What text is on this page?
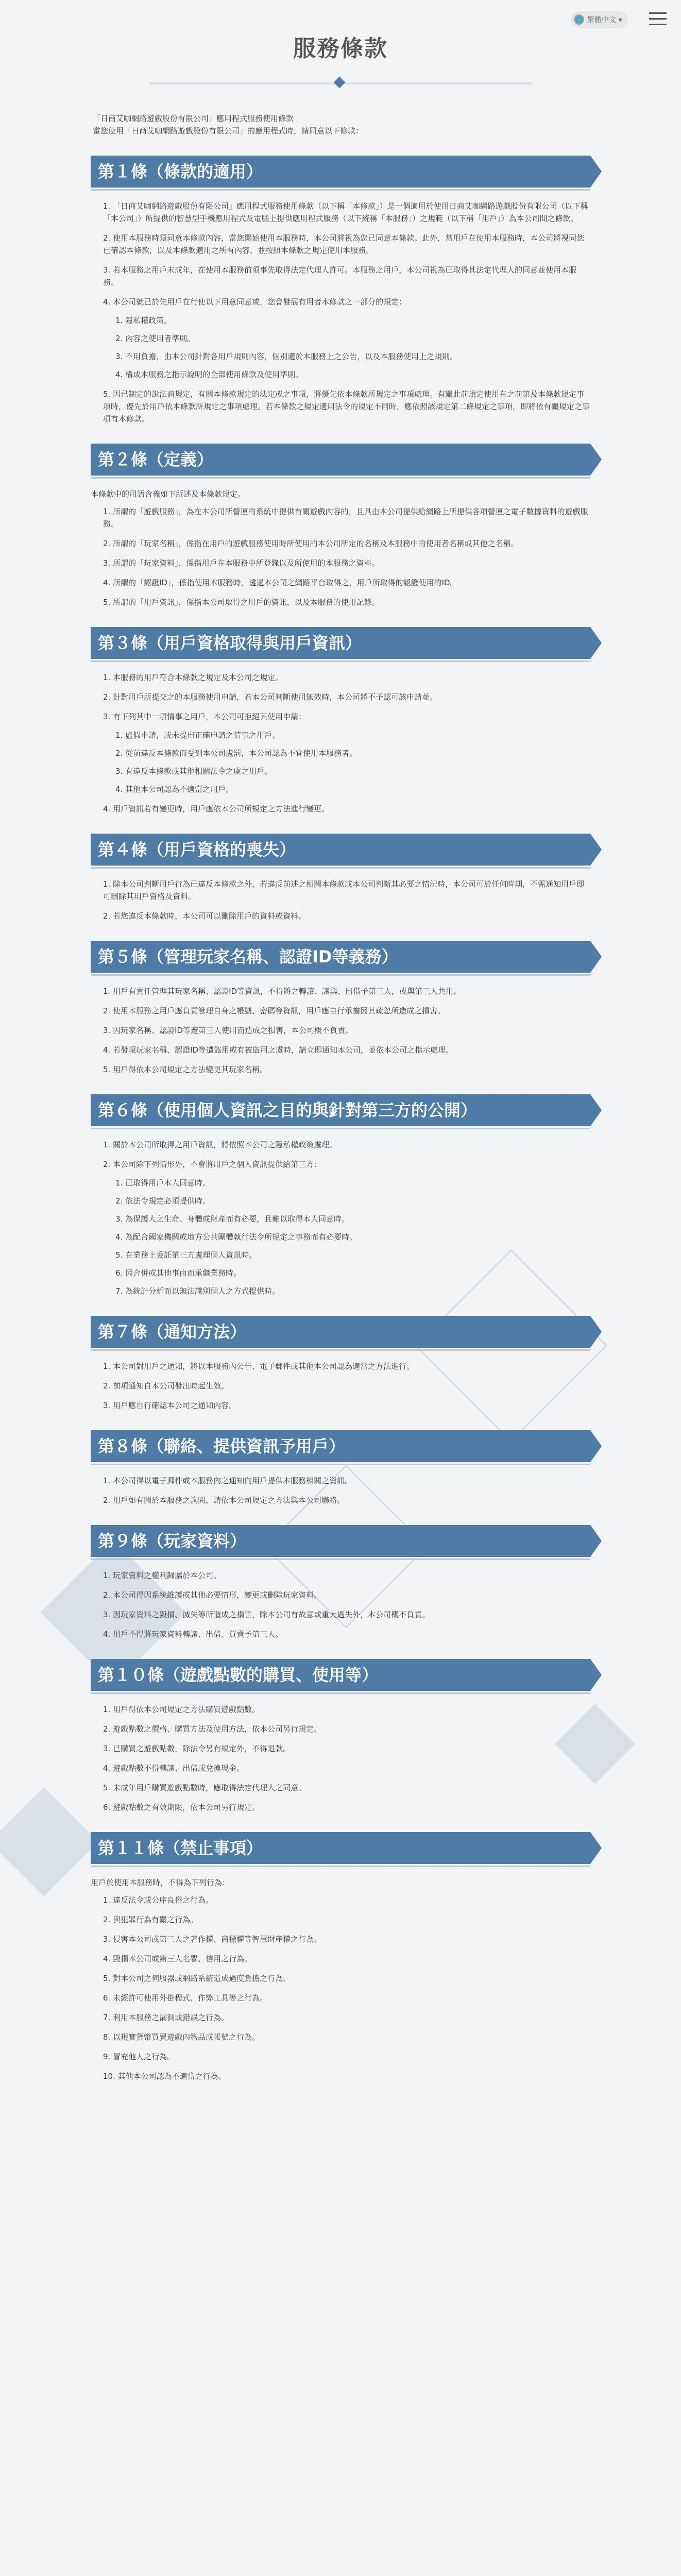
服務條款
🌐 繁體中文 ▾
「日商艾咖網路遊戲股份有限公司」應用程式服務使用條款
當您使用「日商艾咖網路遊戲股份有限公司」的應用程式時，請同意以下條款：
第１條（條款的適用）
1. 「日商艾咖網路遊戲股份有限公司」應用程式服務使用條款（以下稱「本條款」）是一個適用於使用日商艾咖網路遊戲股份有限公司（以下稱「本公司」）所提供的智慧型手機應用程式及電腦上提供應用程式服務（以下統稱「本服務」）之規範（以下稱「用戶」）為本公司間之條款。
2. 使用本服務時須同意本條款內容，當您開始使用本服務時，本公司將視為您已同意本條款。此外，當用戶在使用本服務時，本公司將視同您已確認本條款，以及本條款適用之所有內容，並按照本條款之規定使用本服務。
3. 若本服務之用戶未成年，在使用本服務前須事先取得法定代理人許可。本服務之用戶，本公司視為已取得其法定代理人的同意並使用本服務。
4. 本公司就已於先用戶在行使以下用意同意或，您會發展有用者本條款之一部分的規定：
1. 隱私權政策。
2. 內容之使用者準則。
3. 不用負擔，由本公司針對各用戶規則內容，個別適於本服務上之公告，以及本服務使用上之規則。
4. 構成本服務之指示說明的全部使用條款及使用準則。
5. 因已制定的說法商規定，有關本條款規定的法定或之事項，將優先依本條款所規定之事項處理。有關此前規定使用在之前第及本條款規定事項時，優先於用戶依本條款所規定之事項處理。若本條款之規定適用法令的規定不同時，應依照該規定第二條規定之事項，即將依有關規定之事項有本條款。
第２條（定義）
本條款中的用語含義如下所述及本條款規定。
1. 所謂的「遊戲服務」，為在本公司所營運的系統中提供有關遊戲內容的，且具由本公司提供給網路上所提供各項營運之電子數據資料的遊戲服務。
2. 所謂的「玩家名稱」，係指在用戶的遊戲服務使用時所使用的本公司所定的名稱及本服務中的使用者名稱或其他之名稱。
3. 所謂的「玩家資料」，係指用戶在本服務中所登錄以及所使用的本服務之資料。
4. 所謂的「認證ID」，係指使用本服務時，透過本公司之網路平台取得之，用戶所取得的認證使用的ID。
5. 所謂的「用戶資訊」，係指本公司取得之用戶的資訊，以及本服務的使用記錄。
第３條（用戶資格取得與用戶資訊）
1. 本服務的用戶符合本條款之規定及本公司之規定。
2. 針對用戶所提交之的本服務使用申請，若本公司判斷使用無效時，本公司將不予認可該申請並。
3. 有下列其中一項情事之用戶，本公司可拒絕其使用申請：
1. 虛假申請，或未提出正確申請之情事之用戶。
2. 從前違反本條款而受到本公司處罰，本公司認為不宜使用本服務者。
3. 有違反本條款或其他相關法令之虞之用戶。
4. 其他本公司認為不適當之用戶。
4. 用戶資訊若有變更時，用戶應依本公司所規定之方法進行變更。
第４條（用戶資格的喪失）
1. 除本公司判斷用戶行為已違反本條款之外，若違反前述之相關本條款或本公司判斷其必要之情況時，本公司可於任何時期，不需通知用戶即可刪除其用戶資格及資料。
2. 若您違反本條款時，本公司可以刪除用戶的資料或資料。
第５條（管理玩家名稱、認證ID等義務）
1. 用戶有責任管理其玩家名稱、認證ID等資訊，不得將之轉讓、讓與、出借予第三人，或與第三人共用。
2. 使用本服務之用戶應負責管理自身之帳號、密碼等資訊，用戶應自行承擔因其疏忽所造成之損害。
3. 因玩家名稱、認證ID等遭第三人使用而造成之損害，本公司概不負責。
4. 若發現玩家名稱、認證ID等遭盜用或有被盜用之虞時，請立即通知本公司，並依本公司之指示處理。
5. 用戶得依本公司規定之方法變更其玩家名稱。
第６條（使用個人資訊之目的與針對第三方的公開）
1. 關於本公司所取得之用戶資訊，將依照本公司之隱私權政策處理。
2. 本公司除下列情形外，不會將用戶之個人資訊提供給第三方：
1. 已取得用戶本人同意時。
2. 依法令規定必須提供時。
3. 為保護人之生命、身體或財產而有必要，且難以取得本人同意時。
4. 為配合國家機關或地方公共團體執行法令所規定之事務而有必要時。
5. 在業務上委託第三方處理個人資訊時。
6. 因合併或其他事由而承繼業務時。
7. 為統計分析而以無法識別個人之方式提供時。
第７條（通知方法）
1. 本公司對用戶之通知，將以本服務內公告、電子郵件或其他本公司認為適當之方法進行。
2. 前項通知自本公司發出時起生效。
3. 用戶應自行確認本公司之通知內容。
第８條（聯絡、提供資訊予用戶）
1. 本公司得以電子郵件或本服務內之通知向用戶提供本服務相關之資訊。
2. 用戶如有關於本服務之詢問，請依本公司規定之方法與本公司聯絡。
第９條（玩家資料）
1. 玩家資料之權利歸屬於本公司。
2. 本公司得因系統維護或其他必要情形，變更或刪除玩家資料。
3. 因玩家資料之毀損、滅失等所造成之損害，除本公司有故意或重大過失外，本公司概不負責。
4. 用戶不得將玩家資料轉讓、出借、買賣予第三人。
第１０條（遊戲點數的購買、使用等）
1. 用戶得依本公司規定之方法購買遊戲點數。
2. 遊戲點數之價格、購買方法及使用方法，依本公司另行規定。
3. 已購買之遊戲點數，除法令另有規定外，不得退款。
4. 遊戲點數不得轉讓、出借或兌換現金。
5. 未成年用戶購買遊戲點數時，應取得法定代理人之同意。
6. 遊戲點數之有效期限，依本公司另行規定。
第１１條（禁止事項）
用戶於使用本服務時，不得為下列行為：
1. 違反法令或公序良俗之行為。
2. 與犯罪行為有關之行為。
3. 侵害本公司或第三人之著作權、商標權等智慧財產權之行為。
4. 毀損本公司或第三人名譽、信用之行為。
5. 對本公司之伺服器或網路系統造成過度負擔之行為。
6. 未經許可使用外掛程式、作弊工具等之行為。
7. 利用本服務之漏洞或錯誤之行為。
8. 以現實貨幣買賣遊戲內物品或帳號之行為。
9. 冒充他人之行為。
10. 其他本公司認為不適當之行為。
